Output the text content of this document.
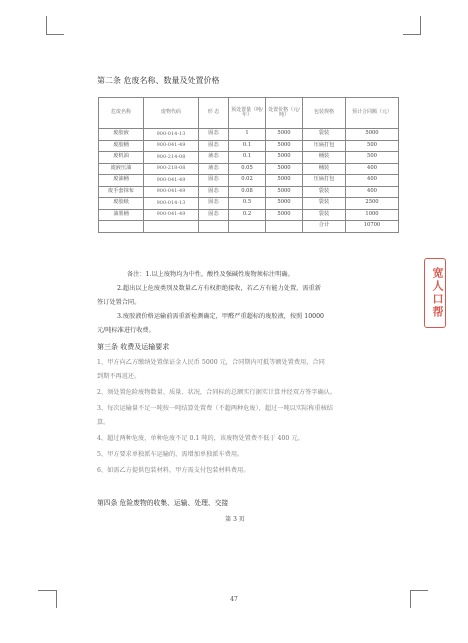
第二条 危废名称、数量及处置价格
危废名称	废物代码	形 态	预处置量（吨/年）	处置价格（元/吨）	包装规格	预计合同额（元）
废胶液	900-014-13	固态	1	5000	袋装	5000
废胶桶	900-041-49	固态	0.1	5000	压扁打包	500
废机油	900-214-08	液态	0.1	5000	桶装	500
废液压油	900-218-08	液态	0.05	5000	桶装	400
废油桶	900-041-49	固态	0.02	5000	压扁打包	400
废手套抹布	900-041-49	固态	0.08	5000	袋装	400
废胶纸	900-014-13	固态	0.5	5000	袋装	2500
油墨桶	900-041-49	固态	0.2	5000	袋装	1000
					合计	10700
备注：1.以上废物均为中性，酸性及强碱性废物须标注明确。
2.超出以上危废类别及数量乙方有权拒绝接收，若乙方有能力处置，需重新
签订处置合同。
3.废胶液价格运输前需重新检测确定，甲醛严重超标的废胶液，按照 10000
元/吨标准进行收费。
第三条 收费及运输要求
1、甲方向乙方缴纳处置保证金人民币 5000 元，合同期内可抵等额处置费用，合同
到期不再返还。
2、须处置危险废物数量、质量、状况，合同标的总额实行据实计算并经双方签字确认。
3、每次运输量不足一吨按一吨结算处置费（不超两种危废），超过一吨以实际称重核结
算。
4、超过两种危废，单种危废不足 0.1 吨的，该废物处置费不低于 400 元。
5、甲方要求单独派车运输的，需增加单独派车费用。
6、如需乙方提供包装材料，甲方需支付包装材料费用。
第四条 危险废物的收集、运输、处理、交接
第 3 页
宽人口帮
47
